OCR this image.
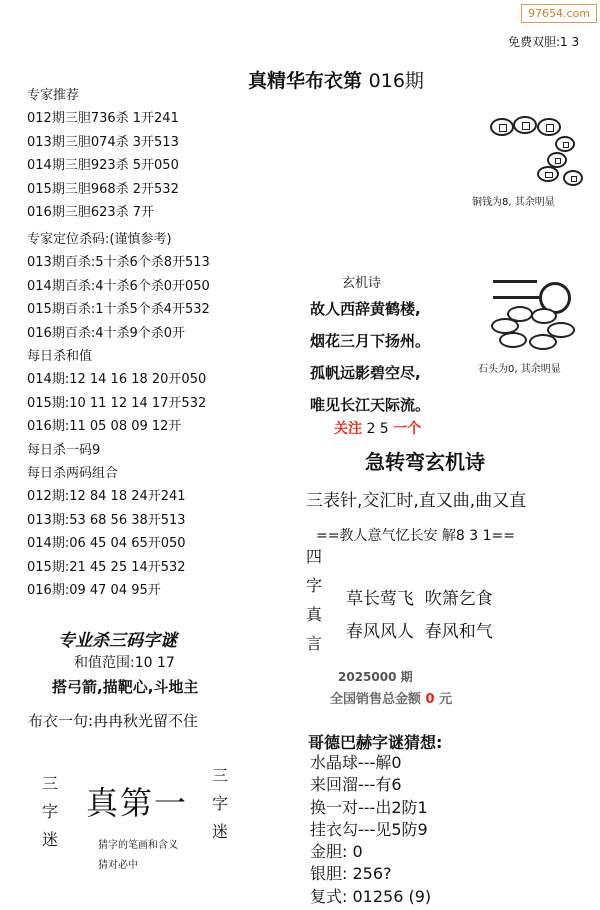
97654.com
免费双胆:1 3
真精华布衣第 016期
专家推荐
012期三胆736杀 1开241
013期三胆074杀 3开513
014期三胆923杀 5开050
015期三胆968杀 2开532
016期三胆623杀 7开
专家定位杀码:(谨慎参考)
013期百杀:5十杀6个杀8开513
014期百杀:4十杀6个杀0开050
015期百杀:1十杀5个杀4开532
016期百杀:4十杀9个杀0开
每日杀和值
014期:12 14 16 18 20开050
015期:10 11 12 14 17开532
016期:11 05 08 09 12开
每日杀一码9
每日杀两码组合
012期:12 84 18 24开241
013期:53 68 56 38开513
014期:06 45 04 65开050
015期:21 45 25 14开532
016期:09 47 04 95开
专业杀三码字谜
和值范围:10 17
搭弓箭,描靶心,斗地主
布衣一句:冉冉秋光留不住
三字迷
真第一
三字迷
猜字的笔画和含义
猜对必中
铜钱为8, 其余明显
石头为0, 其余明显
玄机诗
故人西辞黄鹤楼,
烟花三月下扬州。
孤帆远影碧空尽,
唯见长江天际流。
关注 2 5 一个
急转弯玄机诗
三表针,交汇时,直又曲,曲又直
==教人意气忆长安 解8 3 1==
四
字
真
言
草长莺飞  吹箫乞食
春风风人  春风和气
2025000 期
全国销售总金额 0 元
哥德巴赫字谜猜想:
水晶球---解0
来回溜---有6
换一对---出2防1
挂衣勾---见5防9
金胆: 0
银胆: 256?
复式: 01256 (9)
